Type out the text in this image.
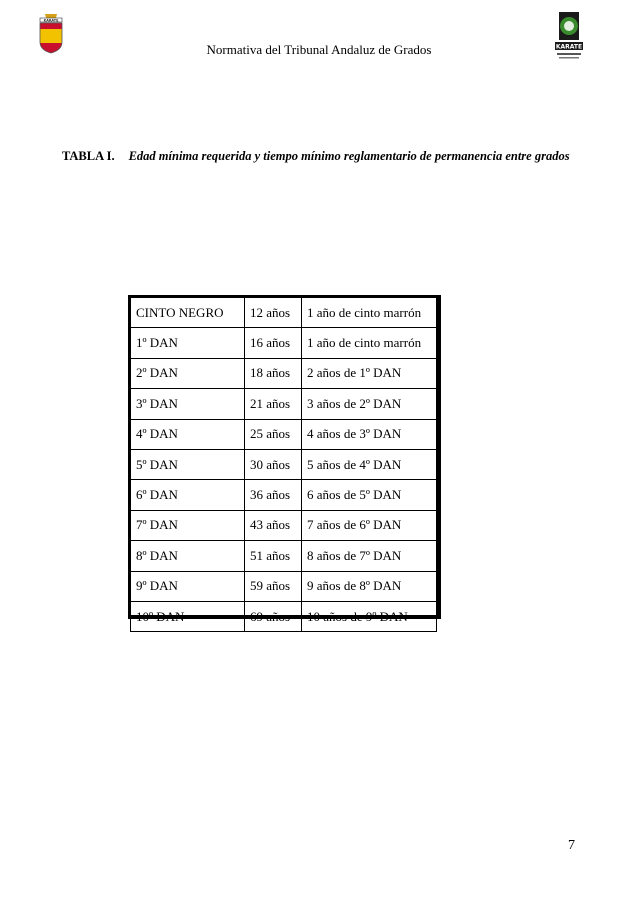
KARATE
KARATE
Normativa del Tribunal Andaluz de Grados
TABLA I. Edad mínima requerida y tiempo mínimo reglamentario de permanencia entre grados
CINTO NEGRO	12 años	1 año de cinto marrón
1º DAN	16 años	1 año de cinto marrón
2º DAN	18 años	2 años de 1º DAN
3º DAN	21 años	3 años de 2º DAN
4º DAN	25 años	4 años de 3º DAN
5º DAN	30 años	5 años de 4º DAN
6º DAN	36 años	6 años de 5º DAN
7º DAN	43 años	7 años de 6º DAN
8º DAN	51 años	8 años de 7º DAN
9º DAN	59 años	9 años de 8º DAN
10º DAN	69 años	10 años de 9º DAN
7
